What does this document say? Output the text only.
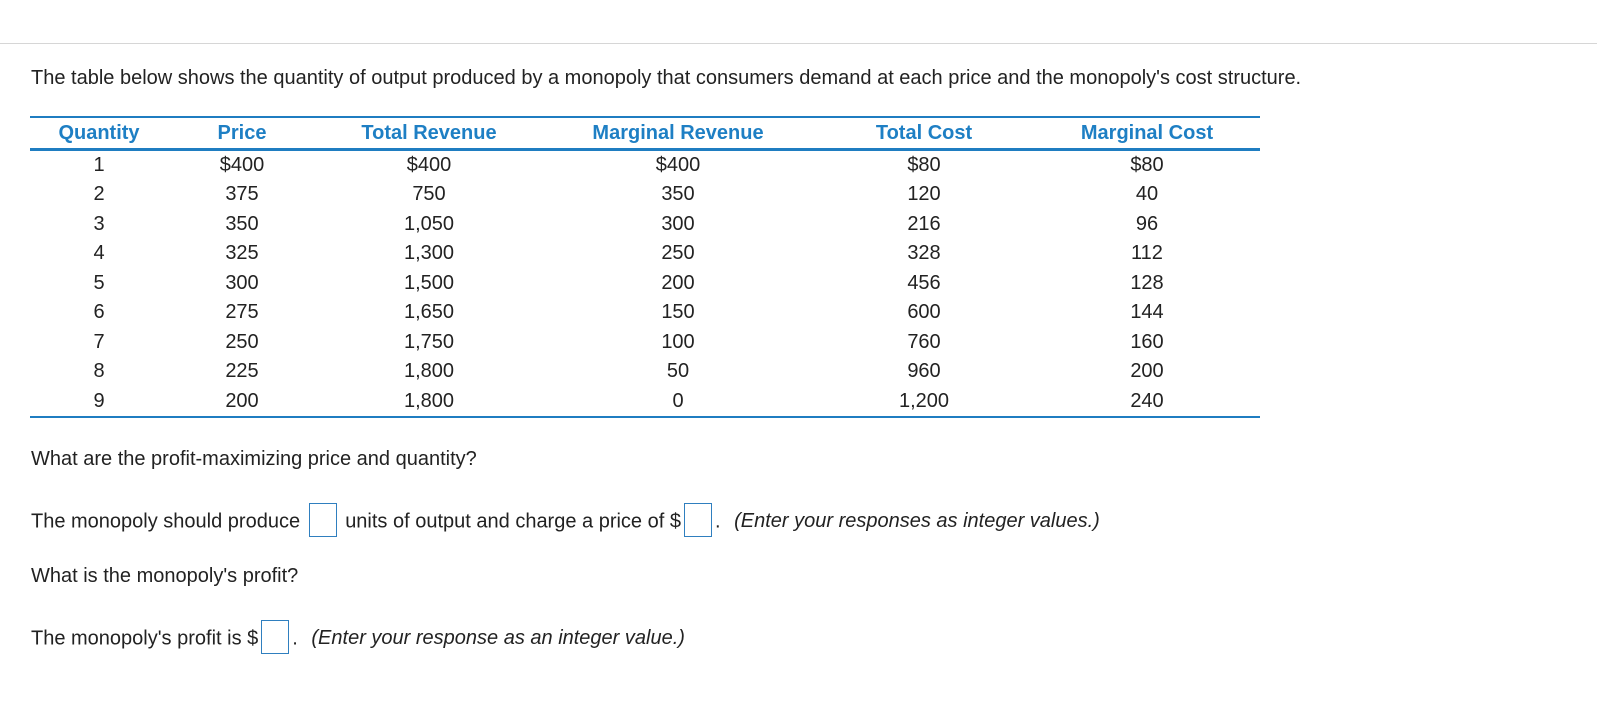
The table below shows the quantity of output produced by a monopoly that consumers demand at each price and the monopoly's cost structure.
Quantity	Price	Total Revenue	Marginal Revenue	Total Cost	Marginal Cost
1	$400	$400	$400	$80	$80
2	375	750	350	120	40
3	350	1,050	300	216	96
4	325	1,300	250	328	112
5	300	1,500	200	456	128
6	275	1,650	150	600	144
7	250	1,750	100	760	160
8	225	1,800	50	960	200
9	200	1,800	0	1,200	240
What are the profit-maximizing price and quantity?
The monopoly should produce units of output and charge a price of $ . (Enter your responses as integer values.)
What is the monopoly's profit?
The monopoly's profit is $ . (Enter your response as an integer value.)
